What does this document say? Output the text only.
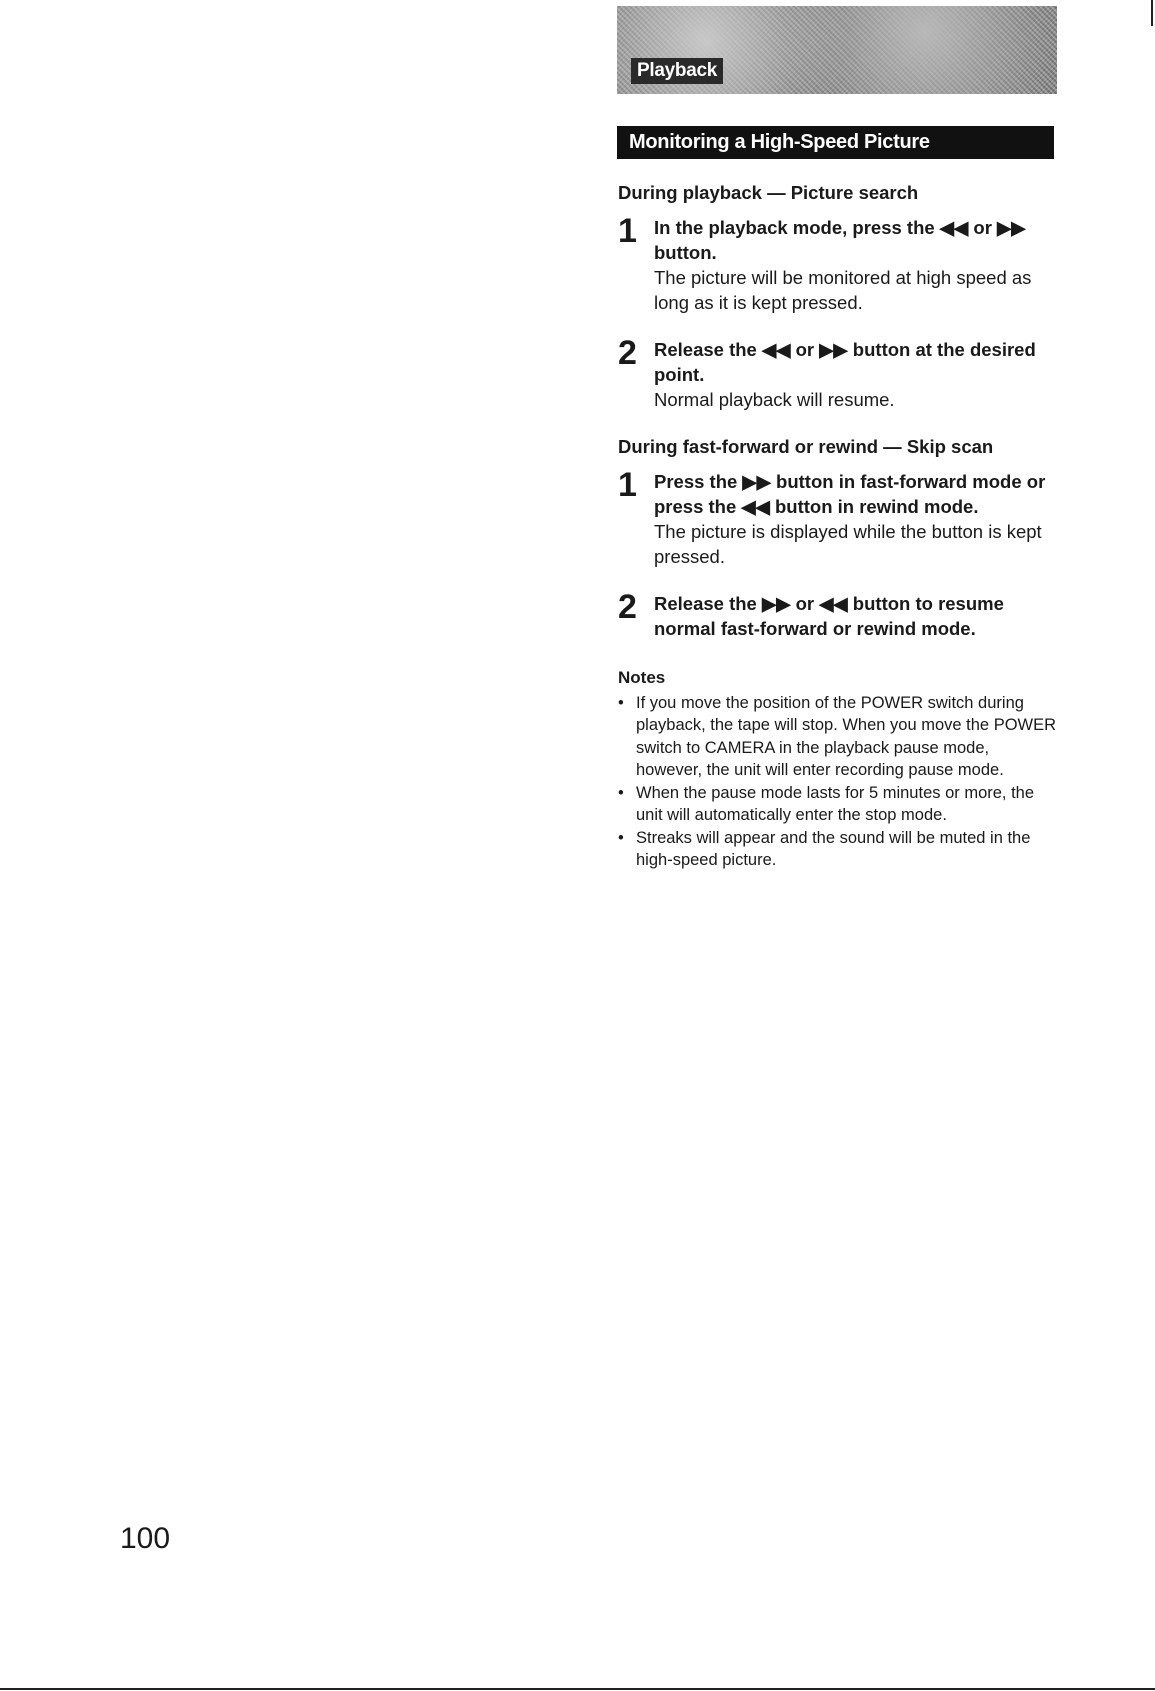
Playback
Monitoring a High-Speed Picture
During playback — Picture search
1 In the playback mode, press the ◀◀ or ▶▶ button.
The picture will be monitored at high speed as long as it is kept pressed.
2 Release the ◀◀ or ▶▶ button at the desired point.
Normal playback will resume.
During fast-forward or rewind — Skip scan
1 Press the ▶▶ button in fast-forward mode or press the ◀◀ button in rewind mode.
The picture is displayed while the button is kept pressed.
2 Release the ▶▶ or ◀◀ button to resume normal fast-forward or rewind mode.
Notes
• If you move the position of the POWER switch during playback, the tape will stop. When you move the POWER switch to CAMERA in the playback pause mode, however, the unit will enter recording pause mode.
• When the pause mode lasts for 5 minutes or more, the unit will automatically enter the stop mode.
• Streaks will appear and the sound will be muted in the high-speed picture.
100
